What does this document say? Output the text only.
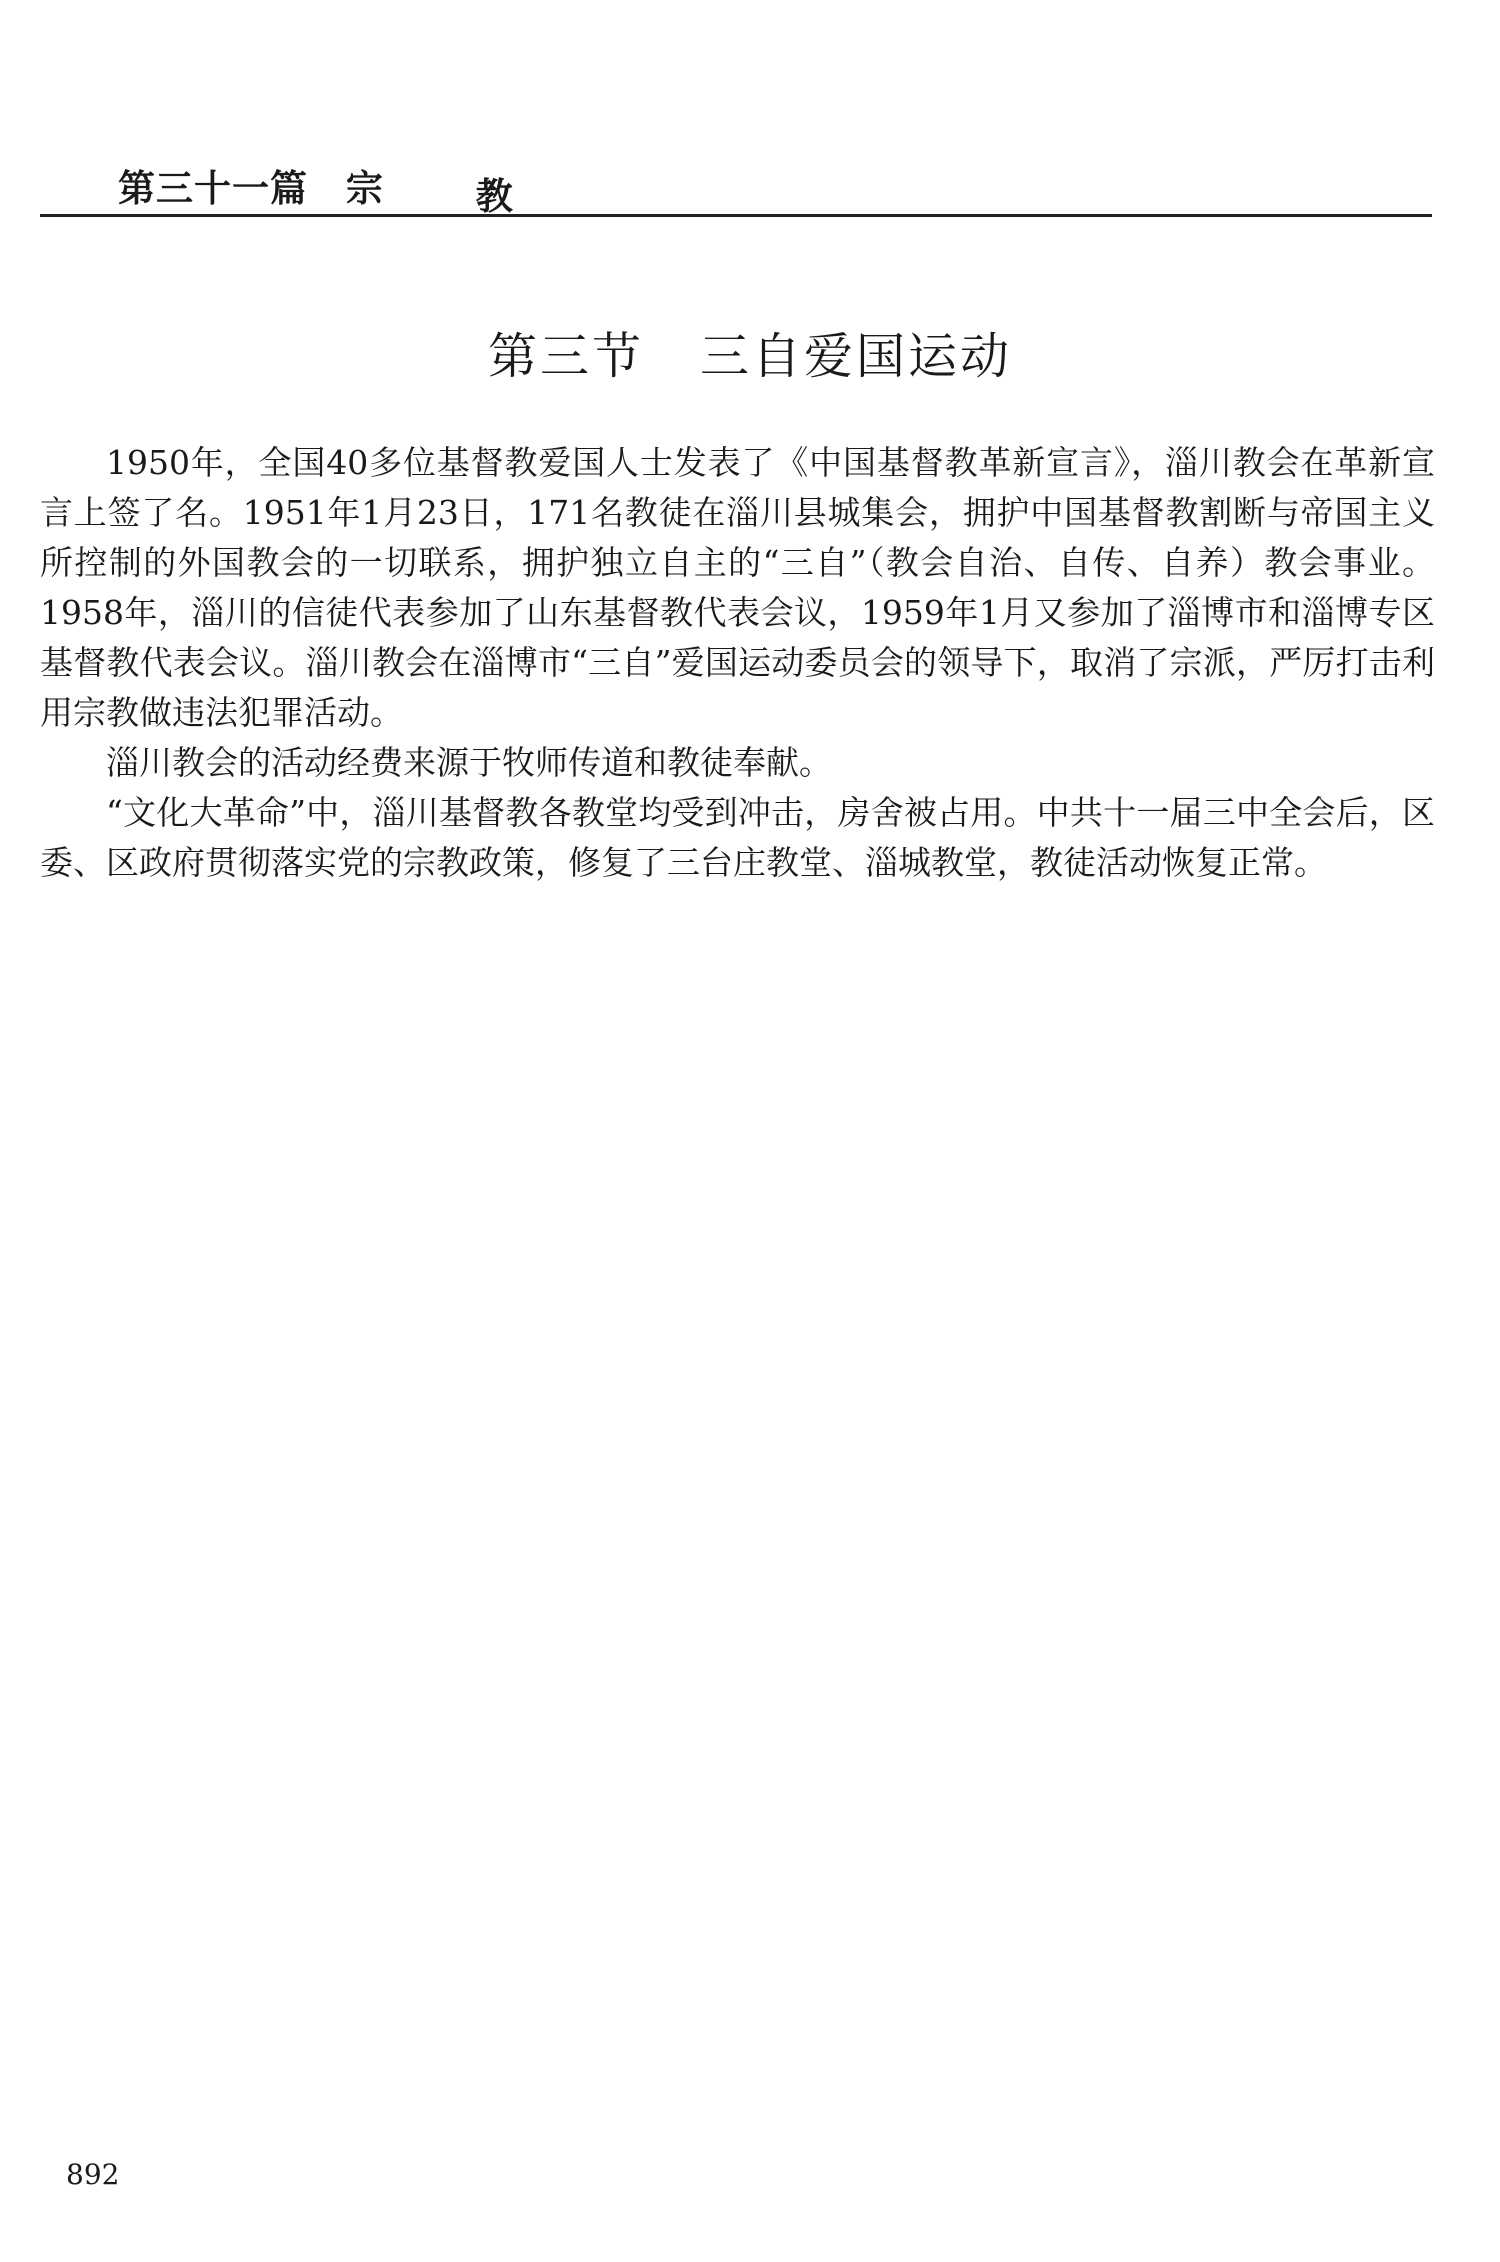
第三十一篇 宗 教
第三节 三自爱国运动

1950年，全国40多位基督教爱国人士发表了《中国基督教革新宣言》，淄川教会在革新宣言上签了名。1951年1月23日，171名教徒在淄川县城集会，拥护中国基督教割断与帝国主义所控制的外国教会的一切联系，拥护独立自主的“三自”（教会自治、自传、自养）教会事业。1958年，淄川的信徒代表参加了山东基督教代表会议，1959年1月又参加了淄博市和淄博专区基督教代表会议。淄川教会在淄博市“三自”爱国运动委员会的领导下，取消了宗派，严厉打击利用宗教做违法犯罪活动。

淄川教会的活动经费来源于牧师传道和教徒奉献。

“文化大革命”中，淄川基督教各教堂均受到冲击，房舍被占用。中共十一届三中全会后，区委、区政府贯彻落实党的宗教政策，修复了三台庄教堂、淄城教堂，教徒活动恢复正常。

892
